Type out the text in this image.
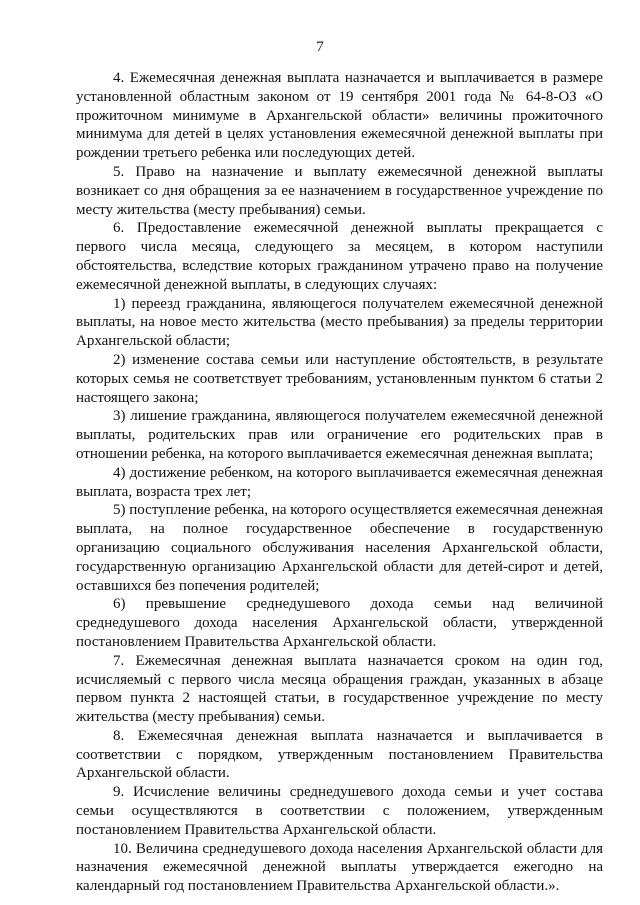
7

4. Ежемесячная денежная выплата назначается и выплачивается в размере установленной областным законом от 19 сентября 2001 года № 64-8-ОЗ «О прожиточном минимуме в Архангельской области» величины прожиточного минимума для детей в целях установления ежемесячной денежной выплаты при рождении третьего ребенка или последующих детей.

5. Право на назначение и выплату ежемесячной денежной выплаты возникает со дня обращения за ее назначением в государственное учреждение по месту жительства (месту пребывания) семьи.

6. Предоставление ежемесячной денежной выплаты прекращается с первого числа месяца, следующего за месяцем, в котором наступили обстоятельства, вследствие которых гражданином утрачено право на получение ежемесячной денежной выплаты, в следующих случаях:

1) переезд гражданина, являющегося получателем ежемесячной денежной выплаты, на новое место жительства (место пребывания) за пределы территории Архангельской области;

2) изменение состава семьи или наступление обстоятельств, в результате которых семья не соответствует требованиям, установленным пунктом 6 статьи 2 настоящего закона;

3) лишение гражданина, являющегося получателем ежемесячной денежной выплаты, родительских прав или ограничение его родительских прав в отношении ребенка, на которого выплачивается ежемесячная денежная выплата;

4) достижение ребенком, на которого выплачивается ежемесячная денежная выплата, возраста трех лет;

5) поступление ребенка, на которого осуществляется ежемесячная денежная выплата, на полное государственное обеспечение в государственную организацию социального обслуживания населения Архангельской области, государственную организацию Архангельской области для детей-сирот и детей, оставшихся без попечения родителей;

6) превышение среднедушевого дохода семьи над величиной среднедушевого дохода населения Архангельской области, утвержденной постановлением Правительства Архангельской области.

7. Ежемесячная денежная выплата назначается сроком на один год, исчисляемый с первого числа месяца обращения граждан, указанных в абзаце первом пункта 2 настоящей статьи, в государственное учреждение по месту жительства (месту пребывания) семьи.

8. Ежемесячная денежная выплата назначается и выплачивается в соответствии с порядком, утвержденным постановлением Правительства Архангельской области.

9. Исчисление величины среднедушевого дохода семьи и учет состава семьи осуществляются в соответствии с положением, утвержденным постановлением Правительства Архангельской области.

10. Величина среднедушевого дохода населения Архангельской области для назначения ежемесячной денежной выплаты утверждается ежегодно на календарный год постановлением Правительства Архангельской области.».
